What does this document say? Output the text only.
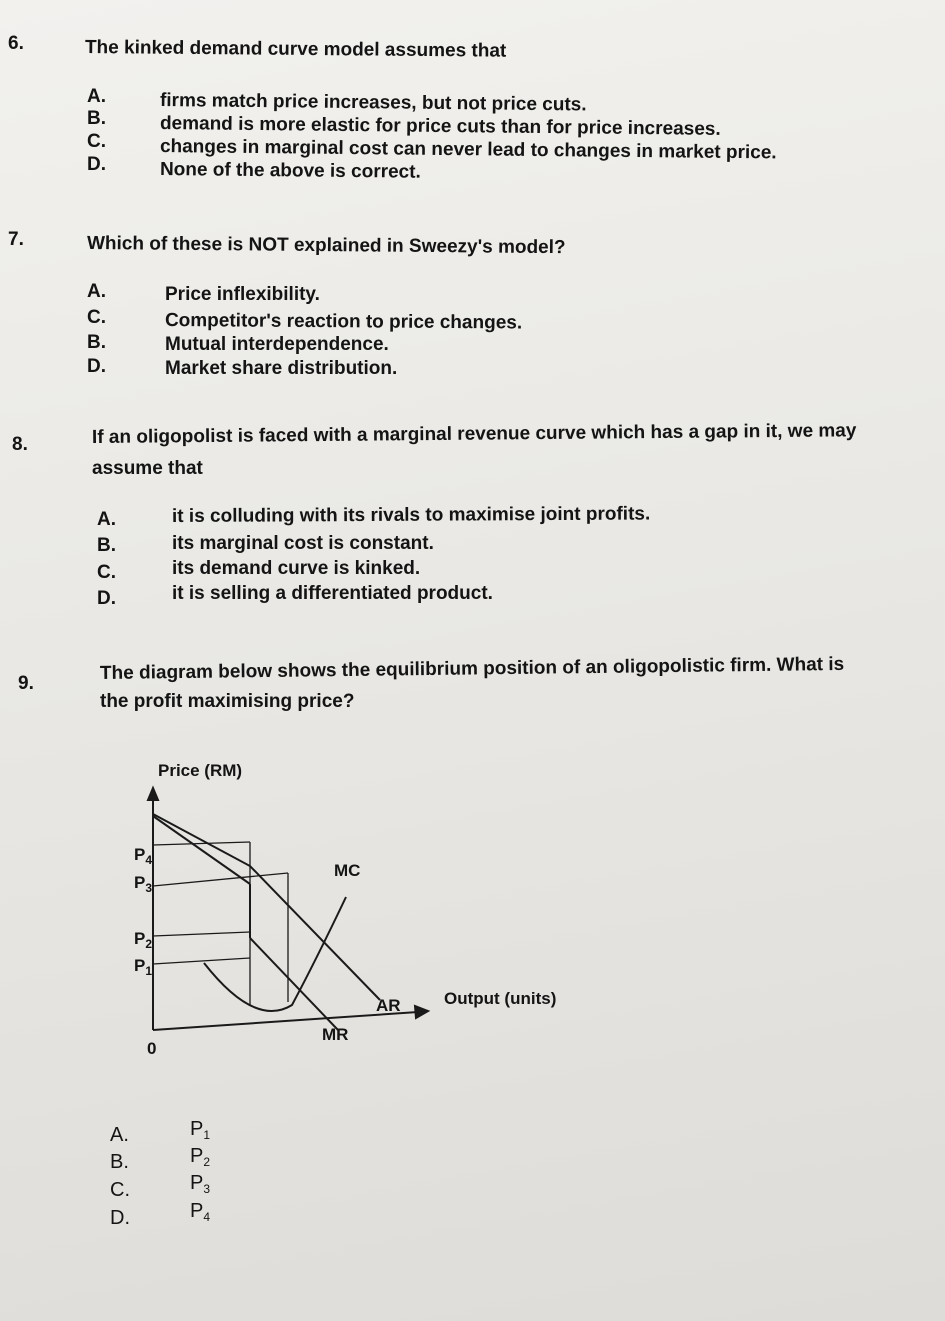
6.	The kinked demand curve model assumes that
A.	firms match price increases, but not price cuts.
B.	demand is more elastic for price cuts than for price increases.
C.	changes in marginal cost can never lead to changes in market price.
D.	None of the above is correct.
7.	Which of these is NOT explained in Sweezy's model?
A.	Price inflexibility.
C.	Competitor's reaction to price changes.
B.	Mutual interdependence.
D.	Market share distribution.
8.	If an oligopolist is faced with a marginal revenue curve which has a gap in it, we may
assume that
A.	it is colluding with its rivals to maximise joint profits.
B.	its marginal cost is constant.
C.	its demand curve is kinked.
D.	it is selling a differentiated product.
9.	The diagram below shows the equilibrium position of an oligopolistic firm. What is
the profit maximising price?
Price (RM)
Output (units)
0
MC
AR
MR
$P_4$
$P_3$
$P_2$
$P_1$
A.	$P_1$
B.	$P_2$
C.	$P_3$
D.	$P_4$
